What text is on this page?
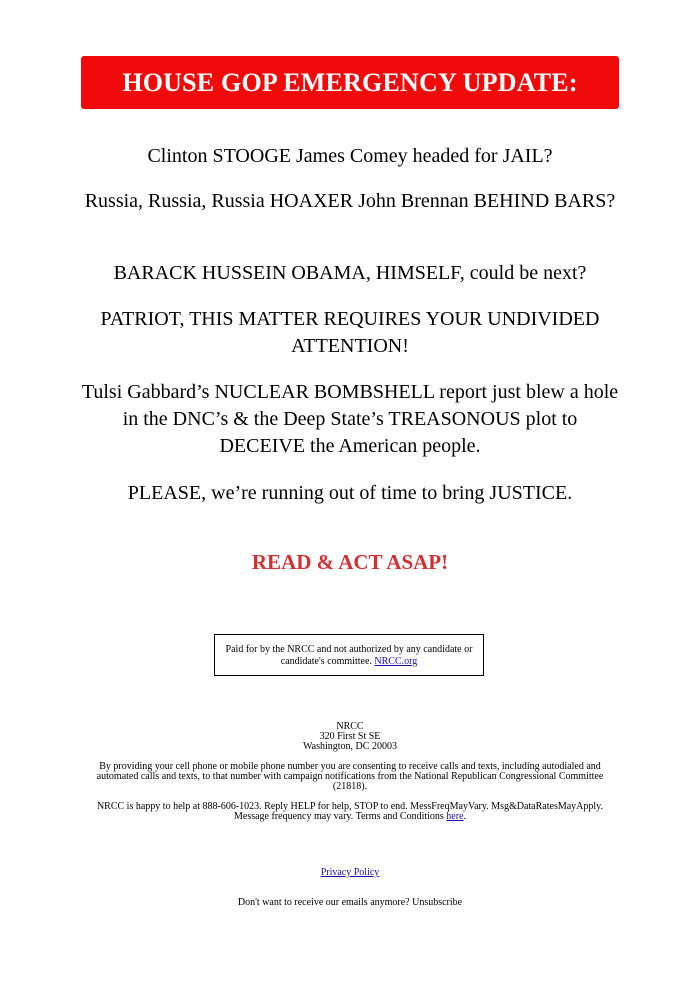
HOUSE GOP EMERGENCY UPDATE:

Clinton STOOGE James Comey headed for JAIL?

Russia, Russia, Russia HOAXER John Brennan BEHIND BARS?

BARACK HUSSEIN OBAMA, HIMSELF, could be next?

PATRIOT, THIS MATTER REQUIRES YOUR UNDIVIDED ATTENTION!

Tulsi Gabbard’s NUCLEAR BOMBSHELL report just blew a hole in the DNC’s & the Deep State’s TREASONOUS plot to DECEIVE the American people.

PLEASE, we’re running out of time to bring JUSTICE.

READ & ACT ASAP!
Paid for by the NRCC and not authorized by any candidate or candidate's committee. NRCC.org
NRCC
320 First St SE
Washington, DC 20003

By providing your cell phone or mobile phone number you are consenting to receive calls and texts, including autodialed and automated calls and texts, to that number with campaign notifications from the National Republican Congressional Committee (21818).

NRCC is happy to help at 888-606-1023. Reply HELP for help, STOP to end. MessFreqMayVary. Msg&DataRatesMayApply. Message frequency may vary. Terms and Conditions here.

Privacy Policy

Don't want to receive our emails anymore? Unsubscribe
